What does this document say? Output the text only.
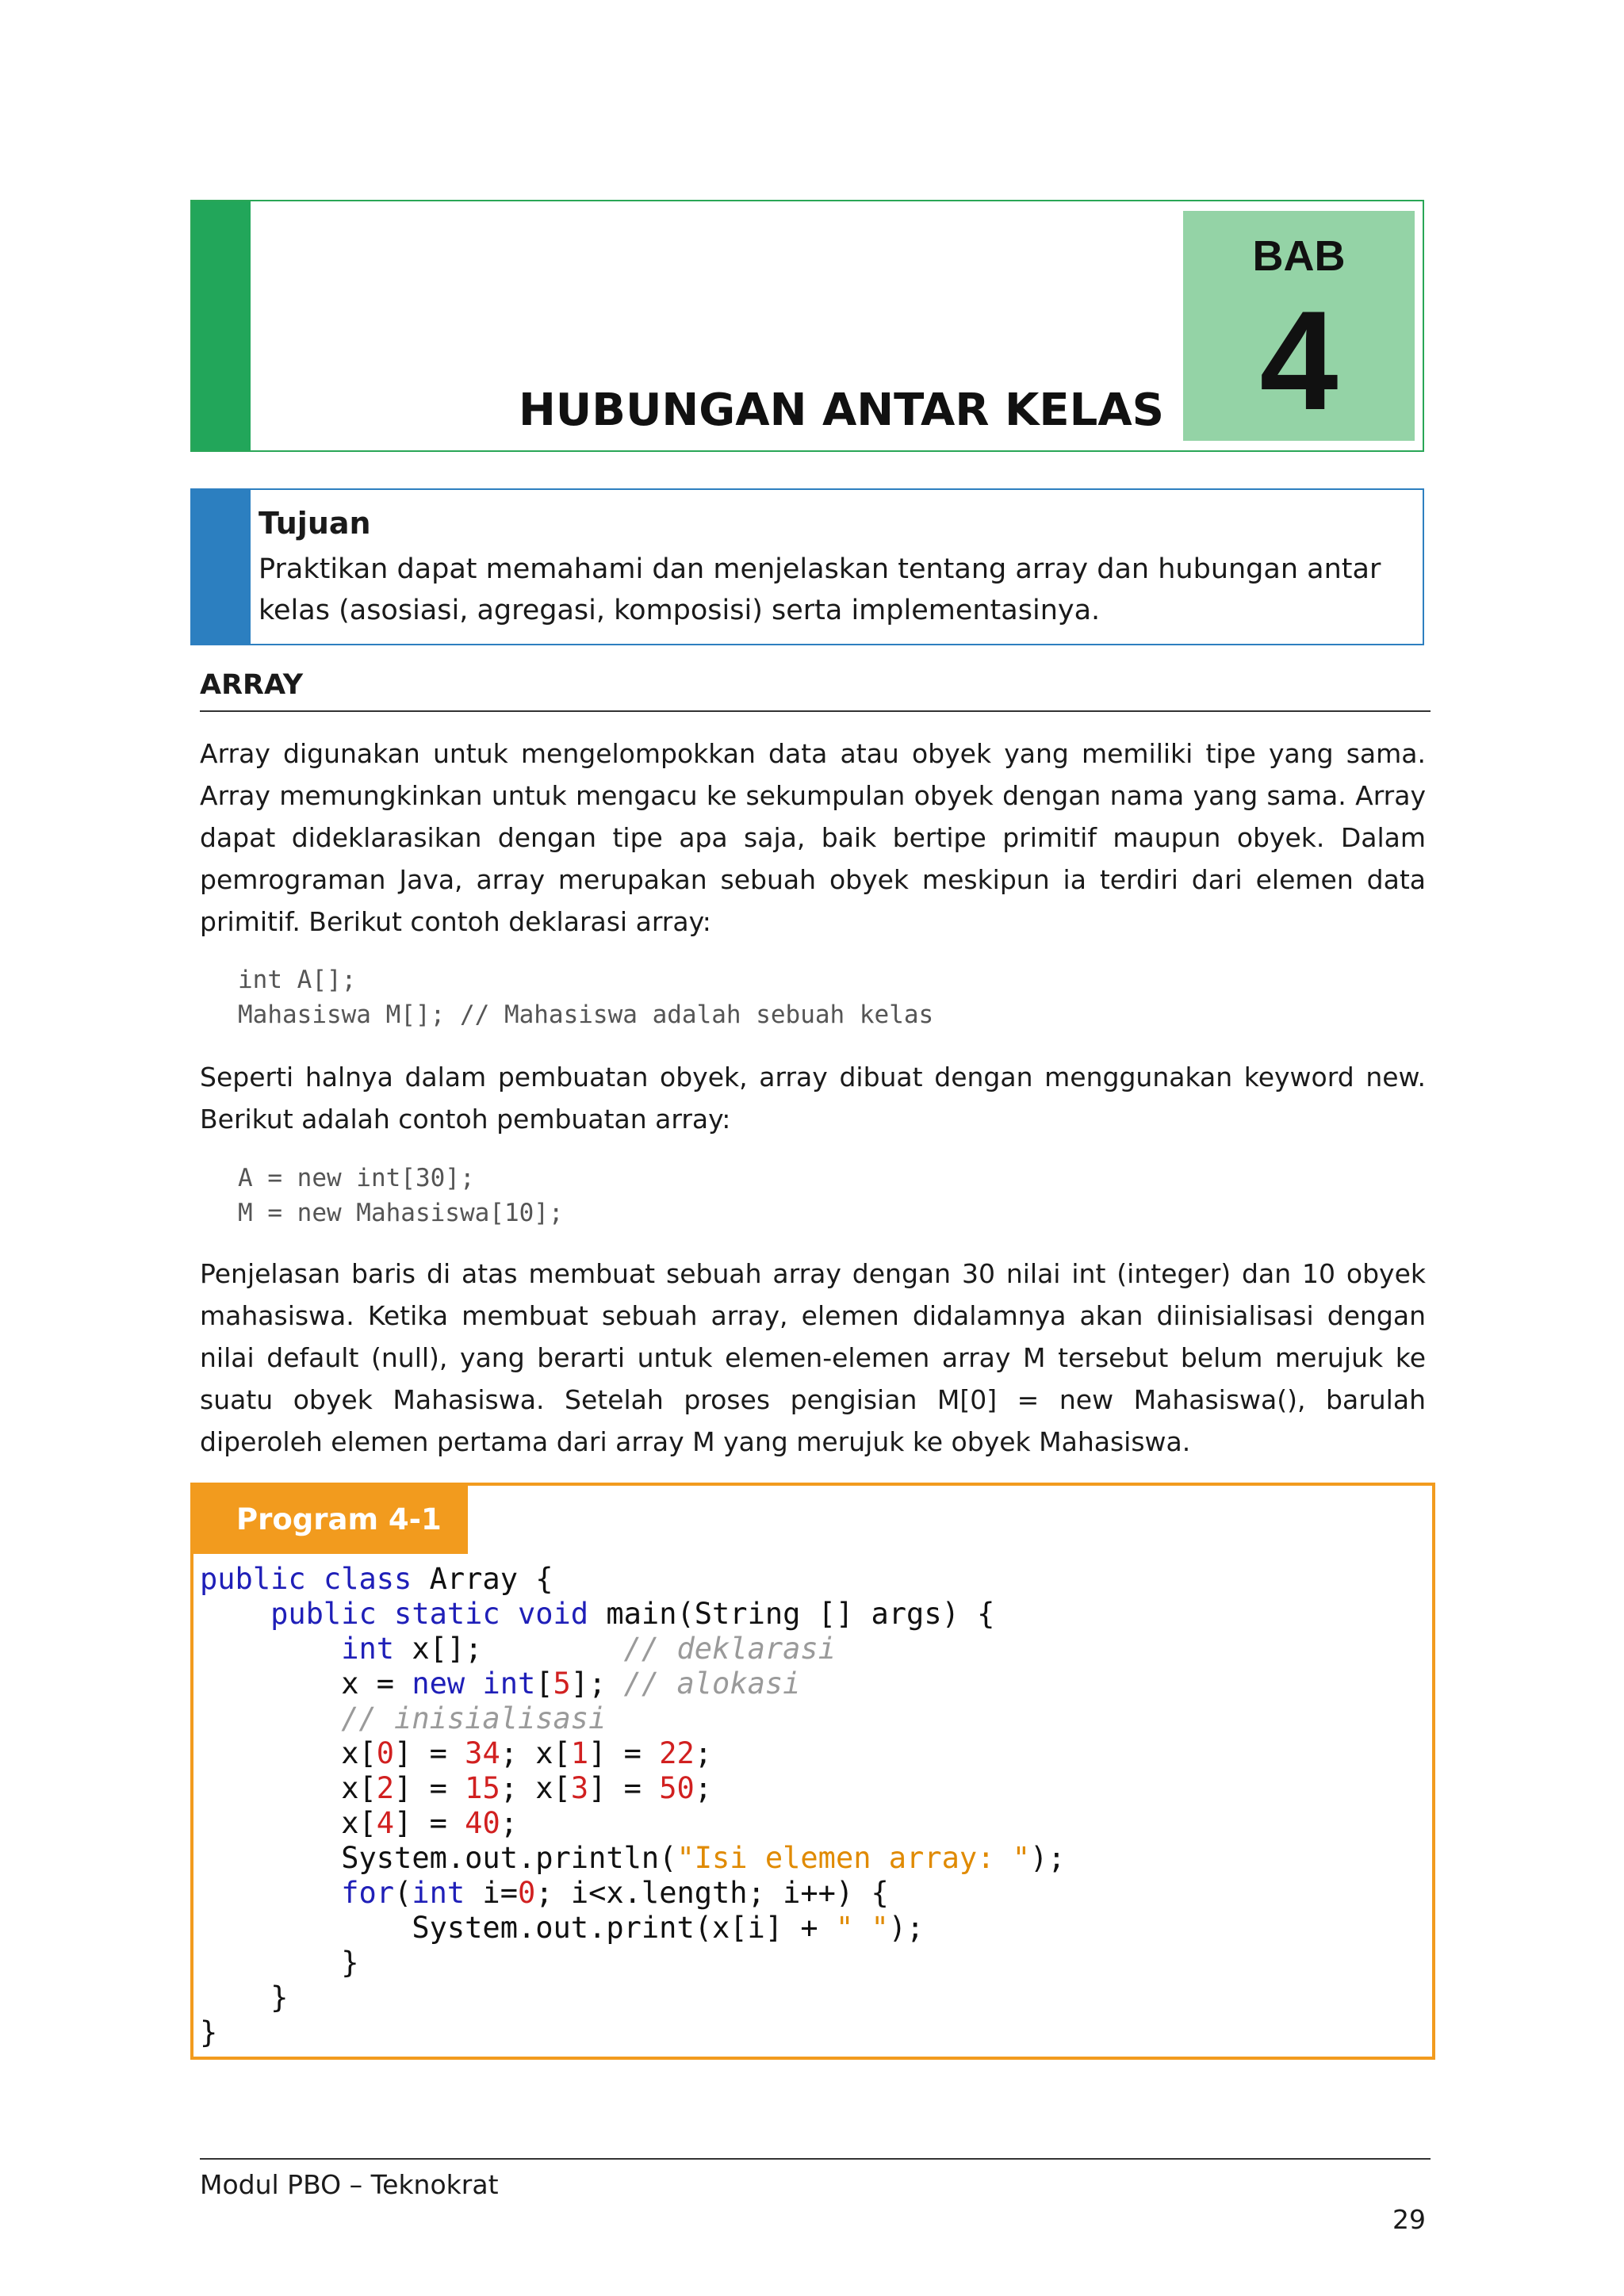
HUBUNGAN ANTAR KELAS
BAB
4
Tujuan
Praktikan dapat memahami dan menjelaskan tentang array dan hubungan antar kelas (asosiasi, agregasi, komposisi) serta implementasinya.
ARRAY

Array digunakan untuk mengelompokkan data atau obyek yang memiliki tipe yang sama. Array memungkinkan untuk mengacu ke sekumpulan obyek dengan nama yang sama. Array dapat dideklarasikan dengan tipe apa saja, baik bertipe primitif maupun obyek. Dalam pemrograman Java, array merupakan sebuah obyek meskipun ia terdiri dari elemen data primitif. Berikut contoh deklarasi array:

int A[];
Mahasiswa M[]; // Mahasiswa adalah sebuah kelas

Seperti halnya dalam pembuatan obyek, array dibuat dengan menggunakan keyword new. Berikut adalah contoh pembuatan array:

A = new int[30];
M = new Mahasiswa[10];

Penjelasan baris di atas membuat sebuah array dengan 30 nilai int (integer) dan 10 obyek mahasiswa. Ketika membuat sebuah array, elemen didalamnya akan diinisialisasi dengan nilai default (null), yang berarti untuk elemen-elemen array M tersebut belum merujuk ke suatu obyek Mahasiswa. Setelah proses pengisian M[0] = new Mahasiswa(), barulah diperoleh elemen pertama dari array M yang merujuk ke obyek Mahasiswa.

Program 4-1
public class Array {
public static void main(String [] args) {
int x[];	// deklarasi
x = new int[5]; // alokasi
// inisialisasi
x[0] = 34; x[1] = 22;
x[2] = 15; x[3] = 50;
x[4] = 40;
System.out.println("Isi elemen array: ");
for(int i=0; i<x.length; i++) {
System.out.print(x[i] + " ");
}
}
}
Modul PBO – Teknokrat
29
